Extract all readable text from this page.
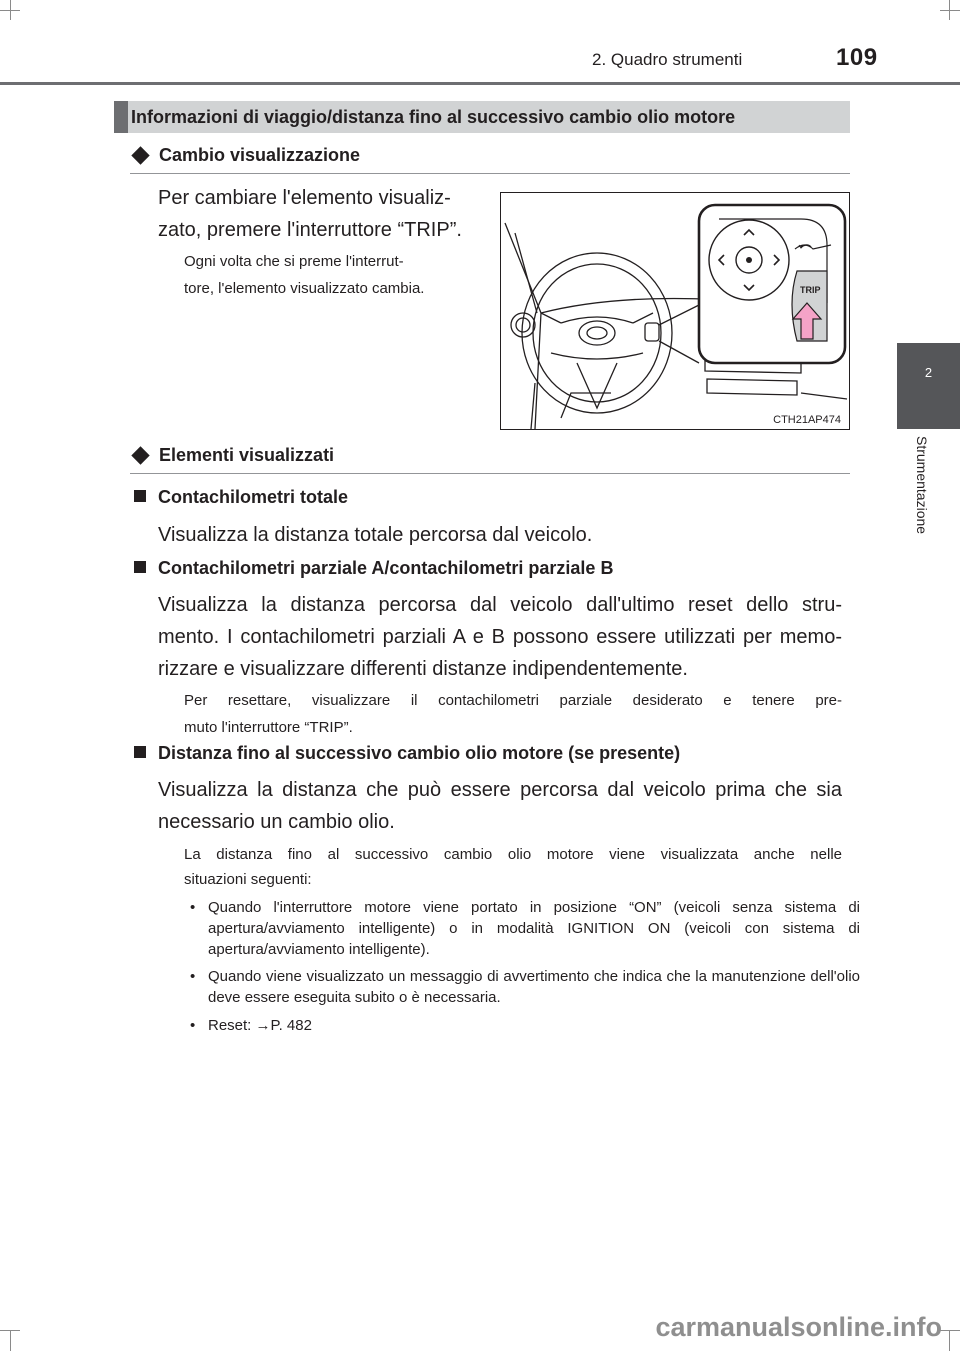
2. Quadro strumenti	109
2
Strumentazione
Informazioni di viaggio/distanza fino al successivo cambio olio motore
Cambio visualizzazione
Per cambiare l'elemento visualiz-
zato, premere l'interruttore “TRIP”.
Ogni volta che si preme l'interrut-
tore, l'elemento visualizzato cambia.	TRIP
CTH21AP474
Elementi visualizzati
Contachilometri totale
Visualizza la distanza totale percorsa dal veicolo.
Contachilometri parziale A/contachilometri parziale B
Visualizza la distanza percorsa dal veicolo dall'ultimo reset dello stru-
mento. I contachilometri parziali A e B possono essere utilizzati per memo-
rizzare e visualizzare differenti distanze indipendentemente.
Per resettare, visualizzare il contachilometri parziale desiderato e tenere pre-
muto l'interruttore “TRIP”.
Distanza fino al successivo cambio olio motore (se presente)
Visualizza la distanza che può essere percorsa dal veicolo prima che sia
necessario un cambio olio.
La distanza fino al successivo cambio olio motore viene visualizzata anche nelle
situazioni seguenti:
• Quando l'interruttore motore viene portato in posizione “ON” (veicoli senza sistema di apertura/avviamento intelligente) o in modalità IGNITION ON (veicoli con sistema di apertura/avviamento intelligente).
• Quando viene visualizzato un messaggio di avvertimento che indica che la manutenzione dell'olio deve essere eseguita subito o è necessaria.
• Reset: →P. 482
carmanualsonline.info
